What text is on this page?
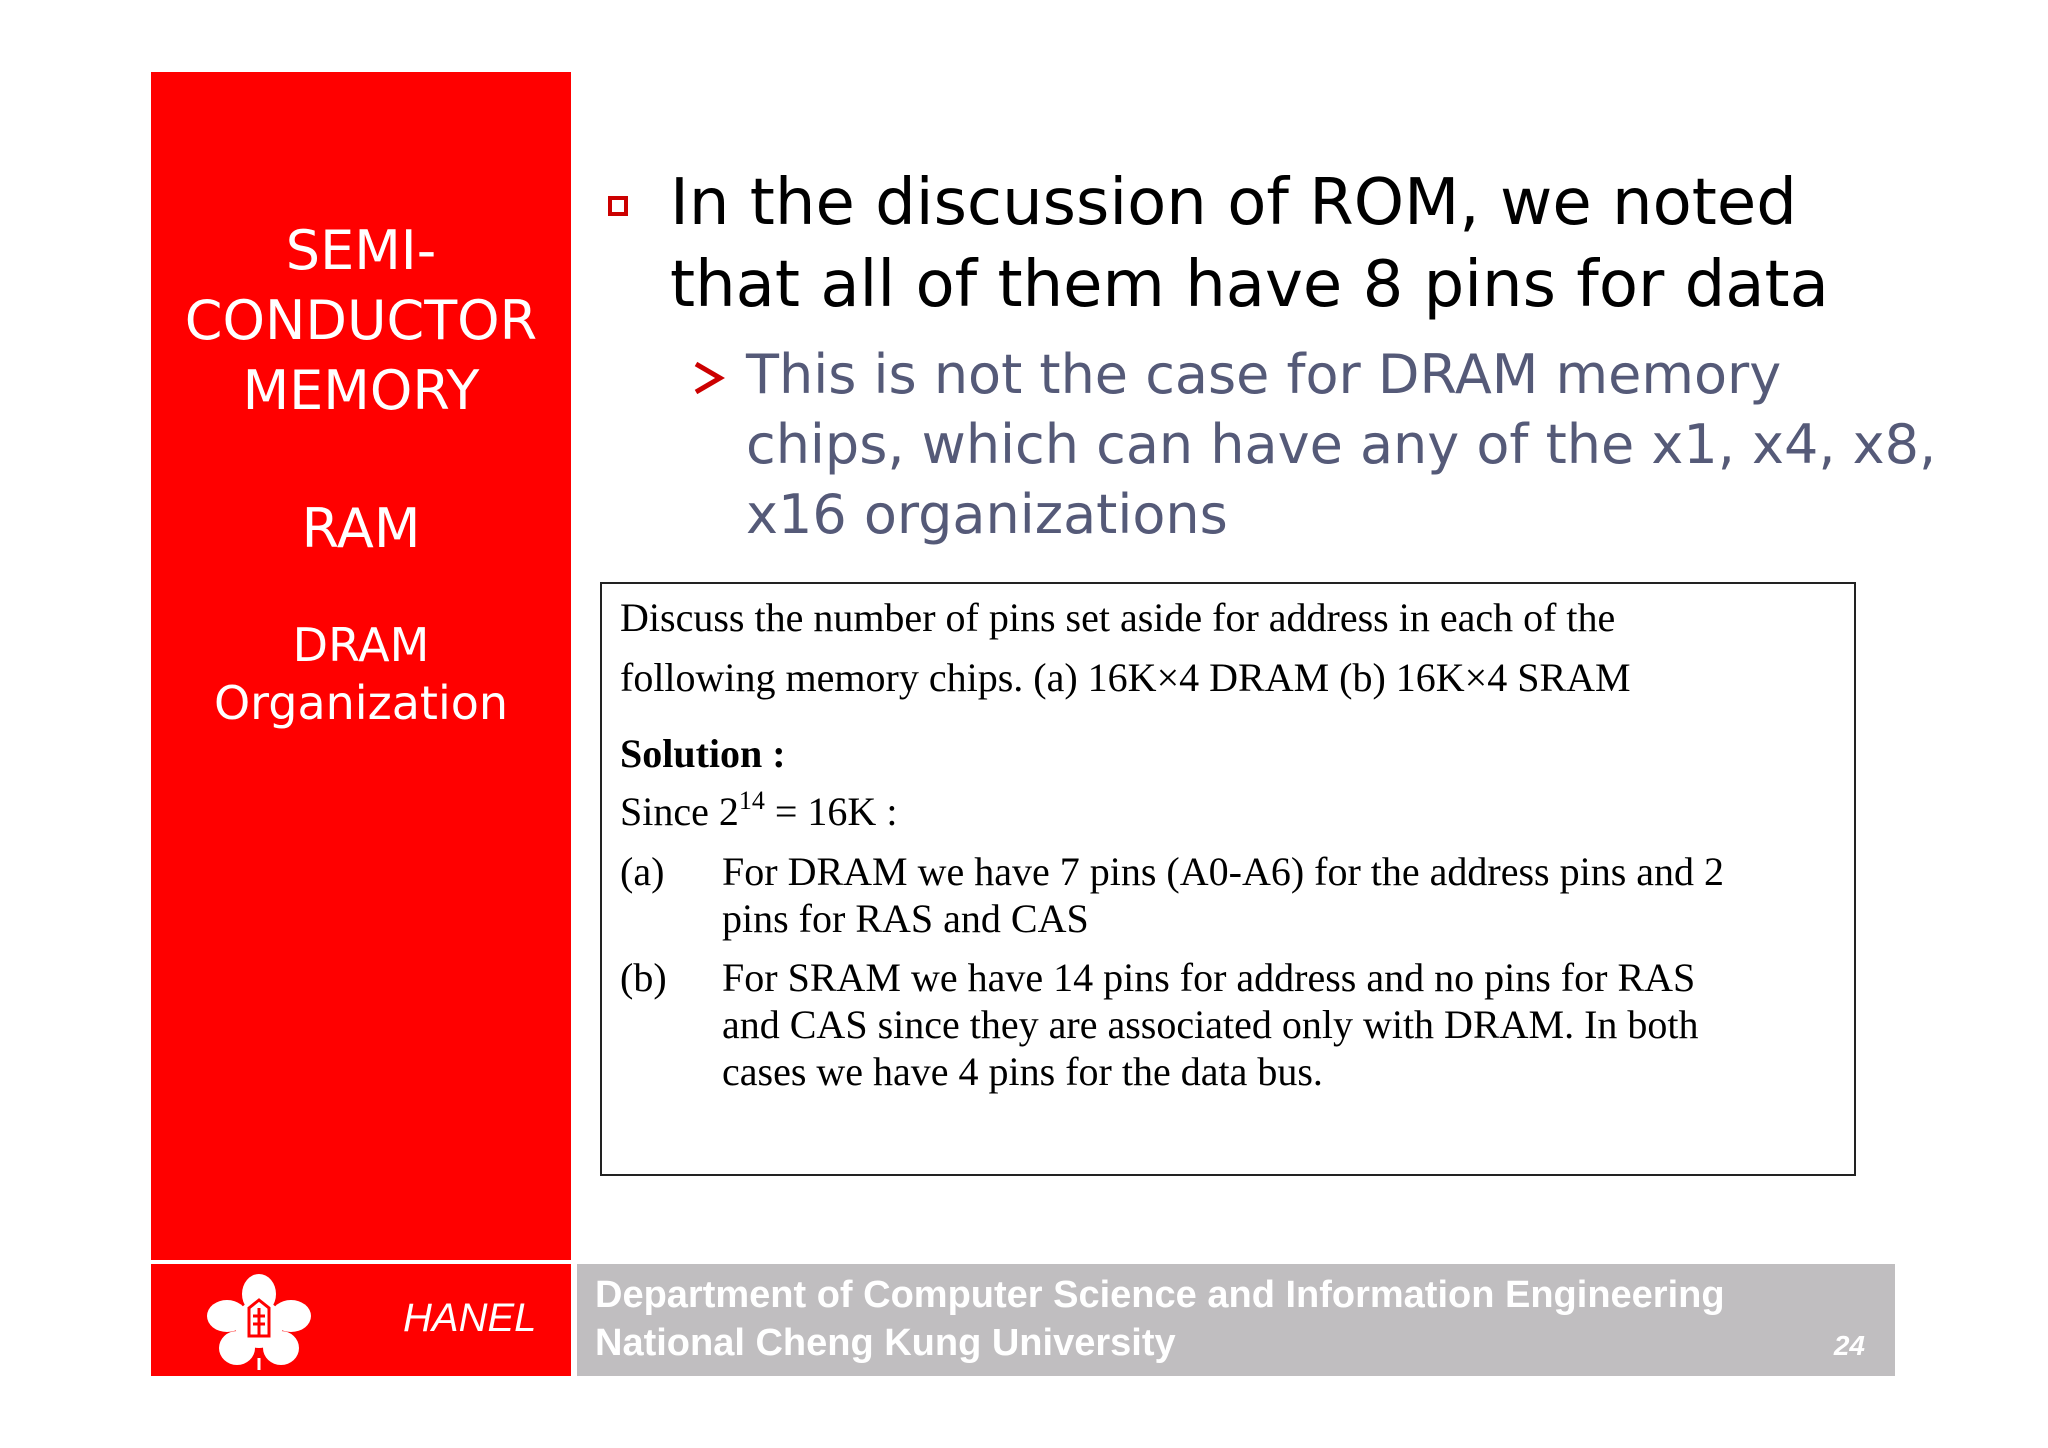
SEMI-
CONDUCTOR
MEMORY
RAM
DRAM
Organization
In the discussion of ROM, we noted
that all of them have 8 pins for data
This is not the case for DRAM memory
chips, which can have any of the x1, x4, x8,
x16 organizations
Discuss the number of pins set aside for address in each of the
following memory chips. (a) 16K×4 DRAM (b) 16K×4 SRAM
Solution :
Since $2^{14} = 16K$ :
(a) For DRAM we have 7 pins (A0-A6) for the address pins and 2
pins for RAS and CAS
(b) For SRAM we have 14 pins for address and no pins for RAS
and CAS since they are associated only with DRAM. In both
cases we have 4 pins for the data bus.
HANEL
Department of Computer Science and Information Engineering
National Cheng Kung University	24
